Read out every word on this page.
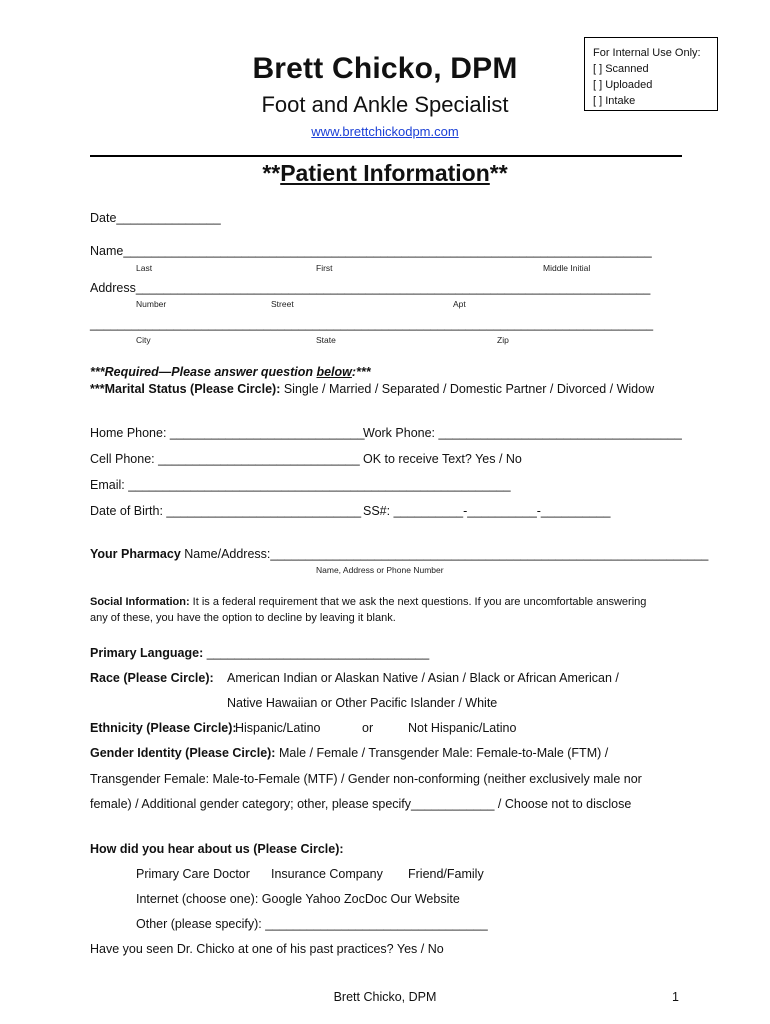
For Internal Use Only:
[ ] Scanned
[ ] Uploaded
[ ] Intake
Brett Chicko, DPM
Foot and Ankle Specialist
www.brettchickodpm.com
**Patient Information**
Date_______________
Name____________________________________________________________________________
Last	First	Middle Initial
Address__________________________________________________________________________
Number	Street	Apt
_________________________________________________________________________________
City	State	Zip
***Required—Please answer question below:***
***Marital Status (Please Circle): Single / Married / Separated / Domestic Partner / Divorced / Widow
Home Phone: ____________________________
Work Phone: ___________________________________
Cell Phone: _____________________________ OK to receive Text? Yes / No
Email: _______________________________________________________
Date of Birth: ____________________________ SS#: __________-__________-__________
Your Pharmacy Name/Address:_______________________________________________________________
Name, Address or Phone Number
Social Information: It is a federal requirement that we ask the next questions. If you are uncomfortable answering
any of these, you have the option to decline by leaving it blank.
Primary Language: ________________________________
Race (Please Circle): American Indian or Alaskan Native / Asian / Black or African American /
Native Hawaiian or Other Pacific Islander / White
Ethnicity (Please Circle):
Hispanic/Latino	or	Not Hispanic/Latino
Gender Identity (Please Circle): Male / Female / Transgender Male: Female-to-Male (FTM) /
Transgender Female: Male-to-Female (MTF) / Gender non-conforming (neither exclusively male nor
female) / Additional gender category; other, please specify____________ / Choose not to disclose
How did you hear about us (Please Circle):
Primary Care Doctor Insurance Company Friend/Family
Internet (choose one): Google Yahoo ZocDoc Our Website
Other (please specify): ________________________________
Have you seen Dr. Chicko at one of his past practices? Yes / No
Brett Chicko, DPM	1
